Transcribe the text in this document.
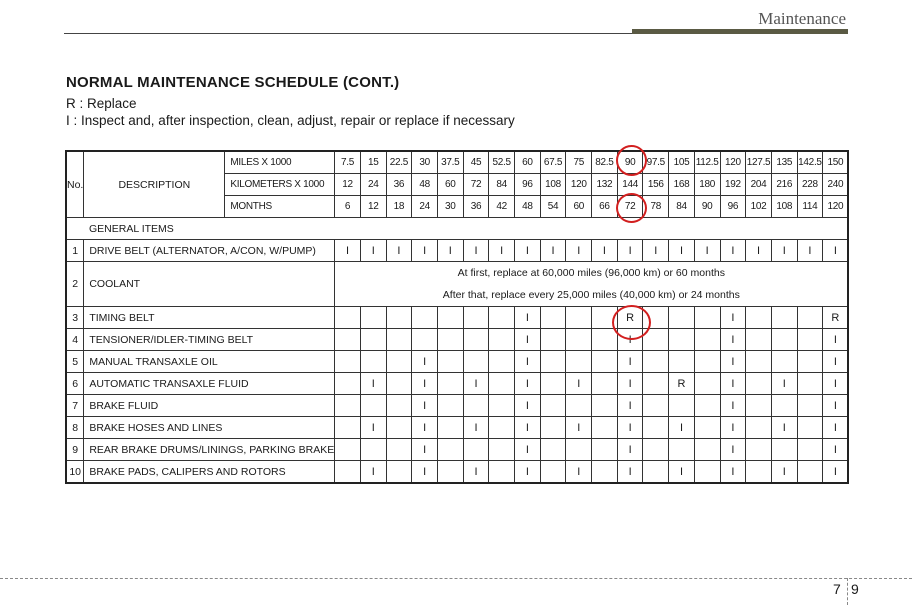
Maintenance
NORMAL MAINTENANCE SCHEDULE (CONT.)
R : Replace
I : Inspect and, after inspection, clean, adjust, repair or replace if necessary
No.	DESCRIPTION	MILES X 1000	7.5	15	22.5	30	37.5	45	52.5	60	67.5	75	82.5	90	97.5	105	112.5	120	127.5	135	142.5	150
		KILOMETERS X 1000	12	24	36	48	60	72	84	96	108	120	132	144	156	168	180	192	204	216	228	240
		MONTHS	6	12	18	24	30	36	42	48	54	60	66	72	78	84	90	96	102	108	114	120
GENERAL ITEMS																						
1	DRIVE BELT (ALTERNATOR, A/CON, W/PUMP)		I	I	I	I	I	I	I	I	I	I	I	I	I	I	I	I	I	I	I	I
2	COOLANT		At first, replace at 60,000 miles (96,000 km) or 60 months
After that, replace every 25,000 miles (40,000 km) or 24 months																			

3	TIMING BELT									I				R				I				R
4	TENSIONER/IDLER-TIMING BELT									I				I				I				I
5	MANUAL TRANSAXLE OIL					I				I				I				I				I
6	AUTOMATIC TRANSAXLE FLUID			I		I		I		I		I		I		R		I		I		I
7	BRAKE FLUID					I				I				I				I				I
8	BRAKE HOSES AND LINES			I		I		I		I		I		I		I		I		I		I
9	REAR BRAKE DRUMS/LININGS, PARKING BRAKE					I				I				I				I				I
10	BRAKE PADS, CALIPERS AND ROTORS			I		I		I		I		I		I		I		I		I		I
7 9
